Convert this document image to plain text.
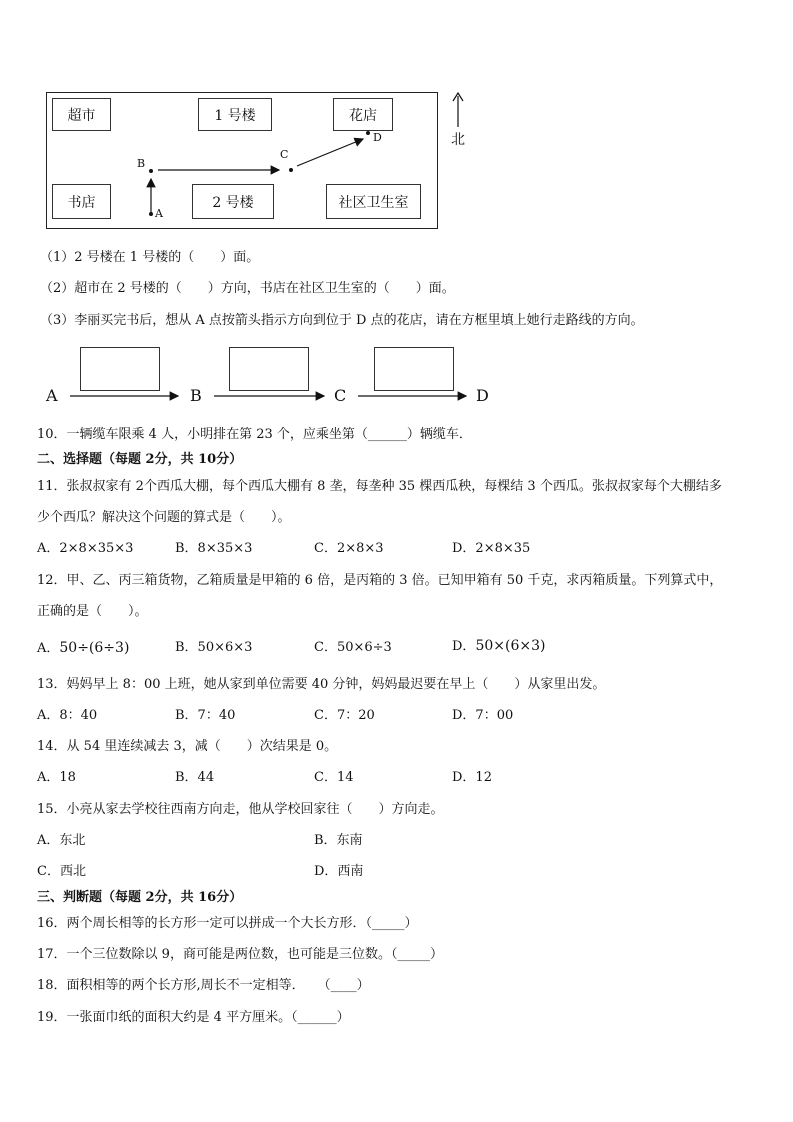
超市	1 号楼	花店
书店	2 号楼	社区卫生室
A
B
C
D	北
（1）2 号楼在 1 号楼的（　　）面。
（2）超市在 2 号楼的（　　）方向，书店在社区卫生室的（　　）面。
（3）李丽买完书后，想从 A 点按箭头指示方向到位于 D 点的花店，请在方框里填上她行走路线的方向。
A	B	C	D
10．一辆缆车限乘 4 人，小明排在第 23 个，应乘坐第（______）辆缆车．
二、选择题（每题 2分，共 10分）
11．张叔叔家有 2个西瓜大棚，每个西瓜大棚有 8 垄，每垄种 35 棵西瓜秧，每棵结 3 个西瓜。张叔叔家每个大棚结多
少个西瓜？解决这个问题的算式是（　　）。
A．2×8×35×3	B．8×35×3	C．2×8×3	D．2×8×35
12．甲、乙、丙三箱货物，乙箱质量是甲箱的 6 倍，是丙箱的 3 倍。已知甲箱有 50 千克，求丙箱质量。下列算式中，
正确的是（　　）。
A．50÷(6÷3)	B．50×6×3	C．50×6÷3	D．50×(6×3)
13．妈妈早上 8：00 上班，她从家到单位需要 40 分钟，妈妈最迟要在早上（　　）从家里出发。
A．8：40	B．7：40	C．7：20	D．7：00
14．从 54 里连续减去 3，减（　　）次结果是 0。
A．18	B．44	C．14	D．12
15．小亮从家去学校往西南方向走，他从学校回家往（　　）方向走。
A．东北	B．东南
C．西北	D．西南
三、判断题（每题 2分，共 16分）
16．两个周长相等的长方形一定可以拼成一个大长方形．（_____）
17．一个三位数除以 9，商可能是两位数，也可能是三位数。（_____）
18．面积相等的两个长方形,周长不一定相等．　　（____）
19．一张面巾纸的面积大约是 4 平方厘米。（______）
